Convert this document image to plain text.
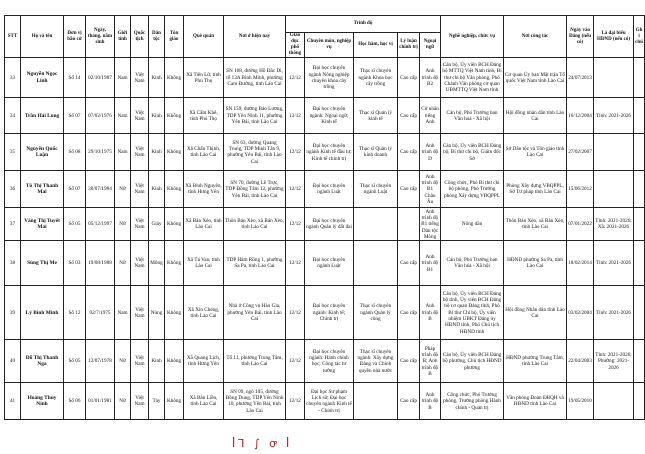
STT	Họ và tên	Đơn vị bầu cử	Ngày, tháng, năm sinh	Giới tính	Quốc tịch	Dân tộc	Tôn giáo	Quê quán	Nơi ở hiện nay	Trình độ					Nghề nghiệp, chức vụ	Nơi công tác	Ngày vào Đảng (nếu có)	Là đại biểu HĐND (nếu có)	Ghi chú
										Giáo dục phổ thông	Chuyên môn, nghiệp vụ	Học hàm, học vị	Lý luận chính trị	Ngoại ngữ					
33	Nguyễn Ngọc Linh	Số 14	02/10/1987	Nam	Việt Nam	Kinh	Không	Xã Tiên Lữ, tỉnh Phú Thọ	SN 108, đường Hồ Đắc Di, tổ 13A Bình Minh, phường Cam Đường, tỉnh Lào Cai	12/12	Đại học chuyên ngành Nông nghiệp chuyên khoa cây trồng	Thạc sĩ chuyên ngành Khoa học cây trồng	Cao cấp	Anh trình độ B2	Cán bộ, Ủy viên BCH Đảng bộ MTTQ Việt Nam tỉnh, Bí thư chi bộ Văn phòng, Phó Chánh Văn phòng cơ quan UBMTTQ Việt Nam tỉnh	Cơ quan Ủy ban Mặt trận Tổ quốc Việt Nam tỉnh Lào Cai	24/07/2013		
34	Trần Hải Long	Số 07	07/02/1976	Nam	Việt Nam	Kinh	Không	Xã Cẩm Khê, tỉnh Phú Thọ	SN 159, đường Bảo Lương, TDP Yên Ninh 11, phường Yên Bái, tỉnh Lào Cai	12/12	Đại học chuyên ngành: Ngoại ngữ; Kinh tế	Thạc sĩ Quản lý kinh tế	Cao cấp	Cử nhân tiếng Anh	Cán bộ, Phó Trưởng ban Văn hoá - Xã hội	Hội đồng nhân dân tỉnh Lào Cai	16/12/2004	Tỉnh: 2021-2026	
35	Nguyễn Quốc Luận	Số 08	29/10/1975	Nam	Việt Nam	Kinh	Không	Xã Chấn Thịnh, tỉnh Lào Cai	SN 63, đường Quang Trung, TDP Minh Tân 9, phường Yên Bái, tỉnh Lào Cai	12/12	Đại học chuyên ngành Kinh tế đầu tư; Kinh tế chính trị	Thạc sĩ Quản lý kinh doanh	Cao cấp	Anh trình độ D	Cán bộ, Ủy viên BCH Đảng bộ, Bí thư chi bộ, Giám đốc Sở	Sở Dân tộc và Tôn giáo tỉnh Lào Cai	27/02/2007		
36	Tô Thị Thanh Mai	Số 07	30/07/1984	Nữ	Việt Nam	Kinh	Không	Xã Bình Nguyên, tỉnh Hưng Yên	SN 70, đường Lê Trực, TDP Đồng Tâm 12, phường Yên Bái, tỉnh Lào Cai	12/12	Đại học chuyên ngành Luật	Thạc sĩ chuyên ngành Luật	Cao cấp	Anh trình độ B1 Châu Âu	Công chức, Phó Bí thư chi bộ phòng, Phó Trưởng phòng Xây dựng VBQPPL	Phòng Xây dựng VBQPPL, Sở Tư pháp tỉnh Lào Cai	15/06/2012		
37	Vàng Thị Tuyết Mai	Số 05	05/12/1997	Nữ	Việt Nam	Giáy	Không	Xã Bản Xèo, tỉnh Lào Cai	Thôn Bản Xèo, xã Bản Xèo, tỉnh Lào Cai	12/12	Đại học chuyên ngành Quản lý đất đai			Anh trình độ B1 tiếng Dân tộc Mông	Nông dân	Thôn Bản Xèo, xã Bản Xèo, tỉnh Lào Cai	07/01/2022	Tỉnh: 2021-2026; Xã: 2021-2026	
38	Sùng Thị Me	Số 03	19/08/1988	Nữ	Việt Nam	Mông	Không	Xã Tả Van, tỉnh Lào Cai	TDP Hàm Rồng 1, phường Sa Pa, tỉnh Lào Cai	12/12	Đại học chuyên ngành Luật		Cao cấp	Anh trình độ B1	Cán bộ, Phó Trưởng ban Văn hóa - Xã hội	HĐND phường Sa Pa, tỉnh Lào Cai	18/02/2014	Tỉnh: 2021-2026	
39	Lý Bình Minh	Số 12	02/7/1975	Nam	Việt Nam	Nùng	Không	Xã Xín Chéng, tỉnh Lào Cai	Nhà ở Công vụ Hào Gia, phường Yên Bái, tỉnh Lào Cai	12/12	Đại học chuyên ngành: Kinh tế; Chính trị	Thạc sĩ chuyên ngành Quản lý công	Cao cấp	Anh trình độ B	Cán bộ, Ủy viên BCH Đảng bộ tỉnh, Ủy viên BCH Đảng bộ cơ quan Đảng tỉnh, Phó Bí thư Chi bộ, Ủy viên nhiệm UBKT Đảng ủy HĐND tỉnh, Phó Chủ tịch HĐND tỉnh	Hội đồng Nhân dân tỉnh Lào Cai	03/02/2004	Tỉnh: 2021-2026	
40	Đỗ Thị Thanh Nga	Số 05	12/07/1978	Nữ	Việt Nam	Kinh	Không	Xã Quang Lịch, tỉnh Hưng Yên	Tổ 11, phường Trung Tâm, tỉnh Lào Cai	12/12	Đại học chuyên ngành: Hành chính học; Công tác tư tưởng	Thạc sĩ chuyên ngành: Xây dựng Đảng và Chính quyền nhà nước	Cao cấp	Pháp trình độ B; Anh trình độ B	Cán bộ, Ủy viên BCH Đảng bộ phường, Chủ tịch HĐND phường	HĐND phường Trung Tâm, tỉnh Lào Cai	22/04/2003	Tỉnh: 2021-2026; Phường: 2021-2026	
41	Hoàng Thùy Ninh	Số 06	01/01/1981	Nữ	Việt Nam	Tày	Không	Xã Bản Liền, tỉnh Lào Cai	SN 09, ngõ 105, đường Đồng Dung, TDP Yên Ninh 10, phường Yên Bái, tỉnh Lào Cai	12/12	Đại học Sư phạm Lịch sử; Đại học chuyên ngành Kinh tế - Chính trị		Cao cấp	Anh trình độ B	Công chức, Phó Trưởng phòng, Trưởng phòng Hành chính - Quản trị	Văn phòng Đoàn ĐBQH và HĐND tỉnh Lào Cai	19/05/2010		
ꟾ⅂ ∫ ꝍ ꟾ
